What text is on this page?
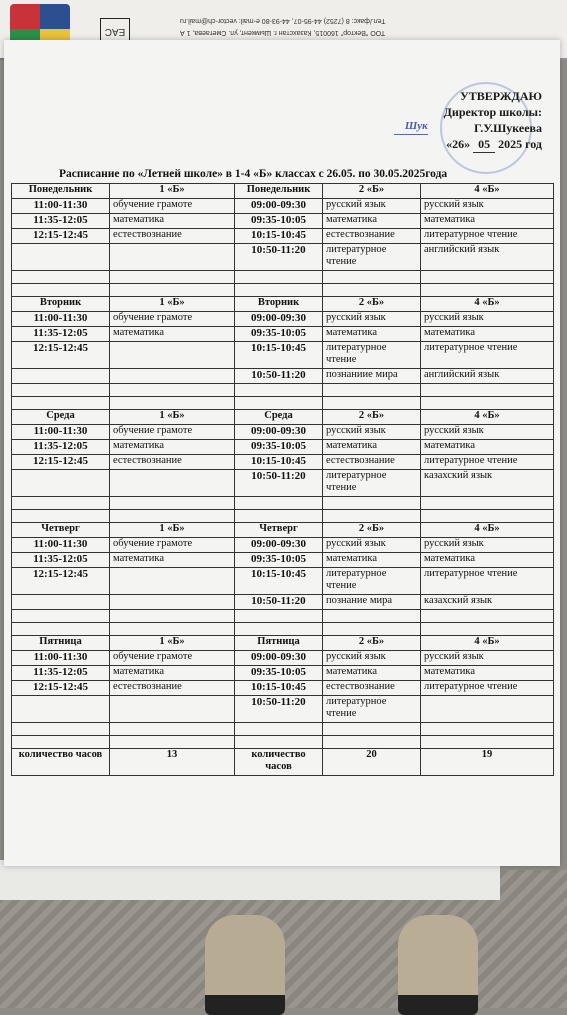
ТОО "Вектор" 160015, Казахстан г. Шымкент, ул. Сметаева, 1 А
Тел./факс: 8 (7252) 44-95-07, 44-93-80 e-mail: vector-ch@mail.ru
EAC
УТВЕРЖДАЮ
Директор школы:
Шук	Г.У.Шукеева
«26» 05 2025 год
Расписание по «Летней школе» в 1-4 «Б» классах с 26.05. по 30.05.2025года
Понедельник	1 «Б»	Понедельник	2 «Б»	4 «Б»
11:00-11:30	обучение грамоте	09:00-09:30	русский язык	русский язык
11:35-12:05	математика	09:35-10:05	математика	математика
12:15-12:45	естествознание	10:15-10:45	естествознание	литературное чтение
		10:50-11:20	литературное чтение	английский язык

Вторник	1 «Б»	Вторник	2 «Б»	4 «Б»
11:00-11:30	обучение грамоте	09:00-09:30	русский язык	русский язык
11:35-12:05	математика	09:35-10:05	математика	математика
12:15-12:45		10:15-10:45	литературное чтение	литературное чтение
		10:50-11:20	познаниие мира	английский язык

Среда	1 «Б»	Среда	2 «Б»	4 «Б»
11:00-11:30	обучение грамоте	09:00-09:30	русский язык	русский язык
11:35-12:05	математика	09:35-10:05	математика	математика
12:15-12:45	естествознание	10:15-10:45	естествознание	литературное чтение
		10:50-11:20	литературное чтение	казахский язык

Четверг	1 «Б»	Четверг	2 «Б»	4 «Б»
11:00-11:30	обучение грамоте	09:00-09:30	русский язык	русский язык
11:35-12:05	математика	09:35-10:05	математика	математика
12:15-12:45		10:15-10:45	литературное чтение	литературное чтение
		10:50-11:20	познание мира	казахский язык

Пятница	1 «Б»	Пятница	2 «Б»	4 «Б»
11:00-11:30	обучение грамоте	09:00-09:30	русский язык	русский язык
11:35-12:05	математика	09:35-10:05	математика	математика
12:15-12:45	естествознание	10:15-10:45	естествознание	литературное чтение
		10:50-11:20	литературное чтение	

количество часов	13	количество часов	20	19
